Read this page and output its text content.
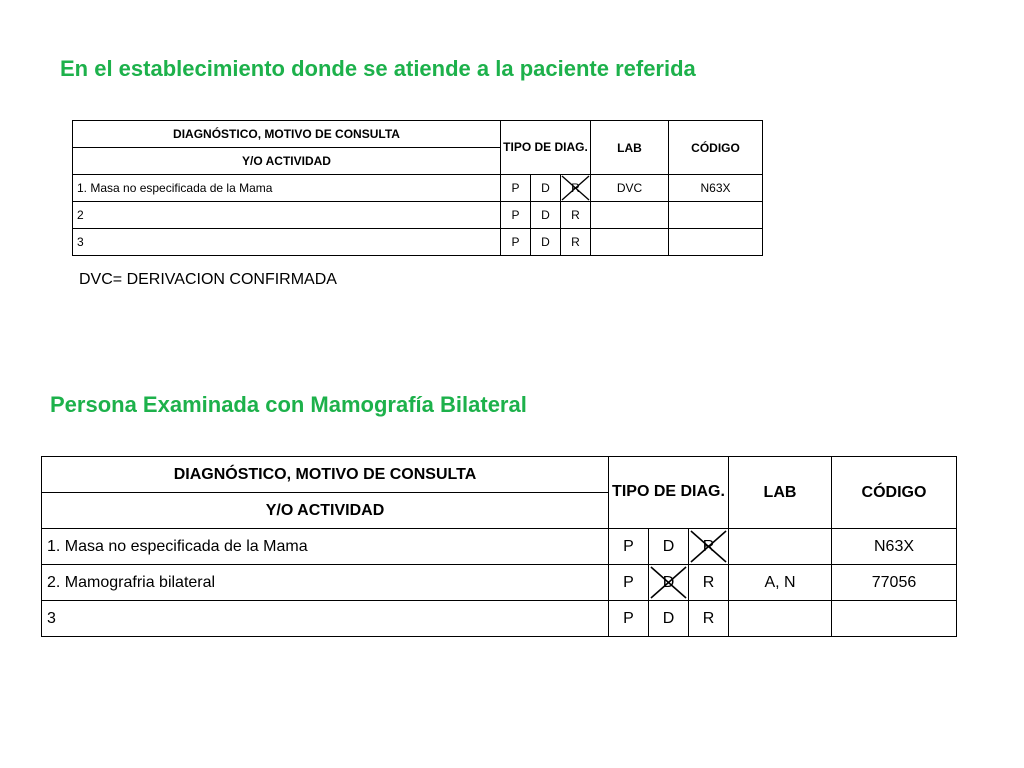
En el establecimiento donde se atiende a la paciente referida
DIAGNÓSTICO, MOTIVO DE CONSULTA	TIPO DE DIAG.			LAB	CÓDIGO
Y/O ACTIVIDAD					
1. Masa no especificada de la Mama	P	D	R	DVC	N63X
2	P	D	R		
3	P	D	R		
DVC= DERIVACION CONFIRMADA
Persona Examinada con Mamografía Bilateral
DIAGNÓSTICO, MOTIVO DE CONSULTA	TIPO DE DIAG.			LAB	CÓDIGO
Y/O ACTIVIDAD					
1. Masa no especificada de la Mama	P	D	R		N63X
2. Mamografria bilateral	P	D	R	A, N	77056
3	P	D	R		
